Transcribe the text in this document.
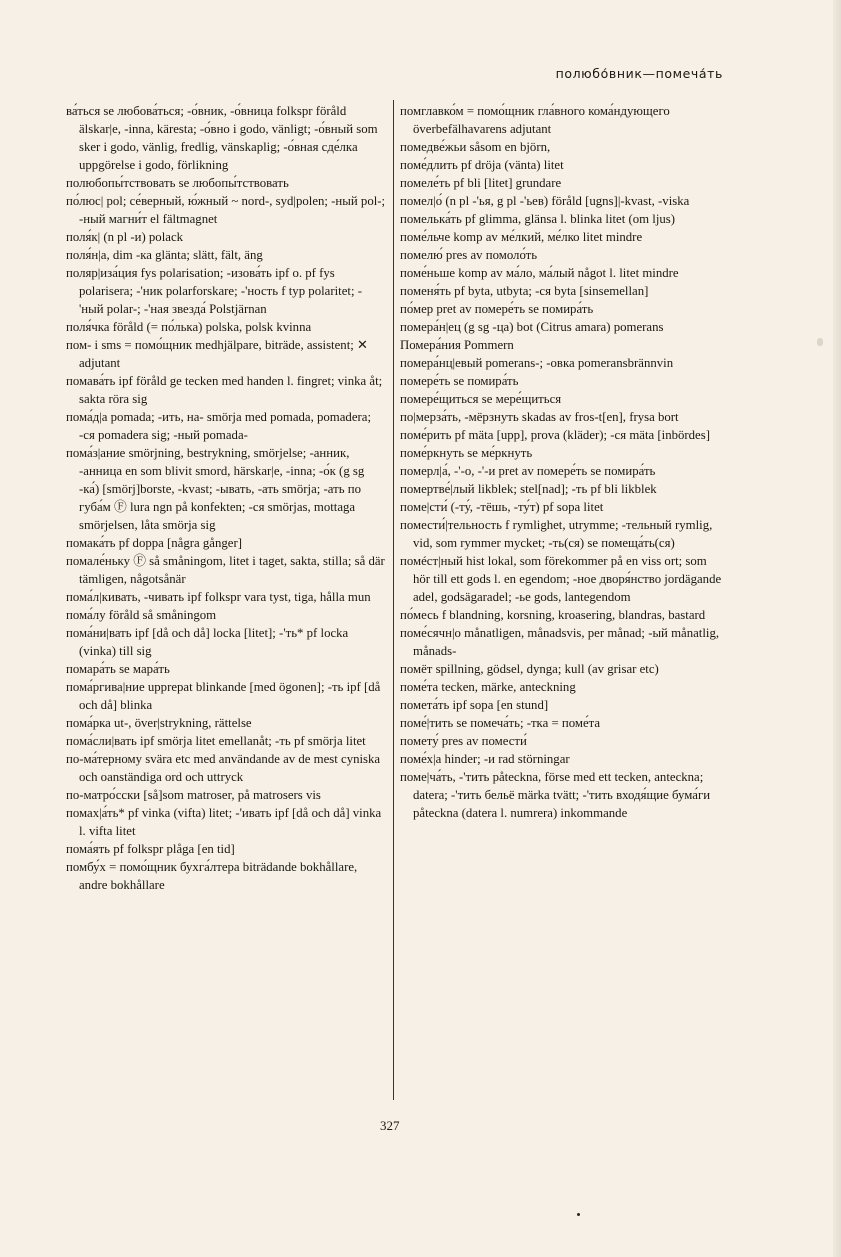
полюбо́вник—помеча́ть

ва́ться se любова́ться; -о́вник, -о́вница folkspr föråld älskar|e, -inna, käresta; -о́вно i godo, vänligt; -о́вный som sker i godo, vänlig, fredlig, vänskaplig; -о́вная сде́лка uppgörelse i godo, förlikning

полюбопы́тствовать se любопы́тствовать

по́люс| pol; се́верный, ю́жный ~ nord-, syd|polen; -ный pol-; -ный магни́т el fältmagnet

поля́к| (n pl -и) polack

поля́н|а, dim -ка glänta; slätt, fält, äng

поляр|иза́ция fys polarisation; -изова́ть ipf o. pf fys polarisera; -'ник polarforskare; -'ность f typ polaritet; -'ный polar-; -'ная звезда́ Polstjärnan

поля́чка föråld (= по́лька) polska, polsk kvinna

пом- i sms = помо́щник medhjälpare, biträde, assistent; ✕ adjutant

помава́ть ipf föråld ge tecken med handen l. fingret; vinka åt; sakta röra sig

пома́д|а pomada; -ить, на- smörja med pomada, pomadera; -ся pomadera sig; -ный pomada-

пома́з|ание smörjning, bestrykning, smörjelse; -анник, -анница en som blivit smord, härskar|e, -inna; -о́к (g sg -ка́) [smörj]borste, -kvast; -ывать, -ать smörja; -ать по губа́м Ⓕ lura ngn på konfekten; -ся smörjas, mottaga smörjelsen, låta smörja sig

помака́ть pf doppa [några gånger]

помале́ньку Ⓕ så småningom, litet i taget, sakta, stilla; så där tämligen, någotsånär

пома́л|кивать, -чивать ipf folkspr vara tyst, tiga, hålla mun

пома́лу föråld så småningom

пома́ни|вать ipf [då och då] locka [litet]; -'ть* pf locka (vinka) till sig

помара́ть se мара́ть

пома́ргива|ние upprepat blinkande [med ögonen]; -ть ipf [då och då] blinka

пома́рка ut-, över|strykning, rättelse

пома́сли|вать ipf smörja litet emellanåt; -ть pf smörja litet

по-ма́терному svära etc med användande av de mest cyniska och oanständiga ord och uttryck

по-матро́сски [så]som matroser, på matrosers vis

помах|а́ть* pf vinka (vifta) litet; -'ивать ipf [då och då] vinka l. vifta litet

пома́ять pf folkspr plåga [en tid]

помбу́х = помо́щник бухга́лтера biträdande bokhållare, andre bokhållare

помглавко́м = помо́щник гла́вного кома́ндующего överbefälhavarens adjutant

помедве́жьи såsom en björn,

поме́длить pf dröja (vänta) litet

помеле́ть pf bli [litet] grundare

помел|о́ (n pl -'ья, g pl -'ьев) föråld [ugns]|-kvast, -viska

помелька́ть pf glimma, glänsa l. blinka litet (om ljus)

поме́льче komp av ме́лкий, ме́лко litet mindre

помелю́ pres av помоло́ть

поме́ньше komp av ма́ло, ма́лый något l. litet mindre

поменя́ть pf byta, utbyta; -ся byta [sinsemellan]

по́мер pret av помере́ть se помира́ть

помера́н|ец (g sg -ца) bot (Citrus amara) pomerans

Помера́ния Pommern

помера́нц|евый pomerans-; -овка pomeransbrännvin

помере́ть se помира́ть

помере́щиться se мере́щиться

по|мерза́ть, -мёрзнуть skadas av fros-t[en], frysa bort

поме́рить pf mäta [upp], prova (kläder); -ся mäta [inbördes]

поме́ркнуть se ме́ркнуть

померл|а́, -'-о, -'-и pret av помере́ть se помира́ть

помертве́|лый likblek; stel[nad]; -ть pf bli likblek

поме|сти́ (-ту́, -тёшь, -ту́т) pf sopa litet

помести́|тельность f rymlighet, utrymme; -тельный rymlig, vid, som rymmer mycket; -ть(ся) se помеща́ть(ся)

помéст|ный hist lokal, som förekommer på en viss ort; som hör till ett gods l. en egendom; -ное дворя́нство jordägande adel, godsägaradel; -ье gods, lantegendom

по́месь f blandning, korsning, kroasering, blandras, bastard

поме́сячн|о månatligen, månadsvis, per månad; -ый månatlig, månads-

помёт spillning, gödsel, dynga; kull (av grisar etc)

поме́та tecken, märke, anteckning

помета́ть ipf sopa [en stund]

поме́|тить se помеча́ть; -тка = поме́та

помету́ pres av помести́

поме́х|а hinder; -и rad störningar

поме|ча́ть, -'тить påteckna, förse med ett tecken, anteckna; datera; -'тить бельё märka tvätt; -'тить входя́щие бума́ги påteckna (datera l. numrera) inkommande

327
